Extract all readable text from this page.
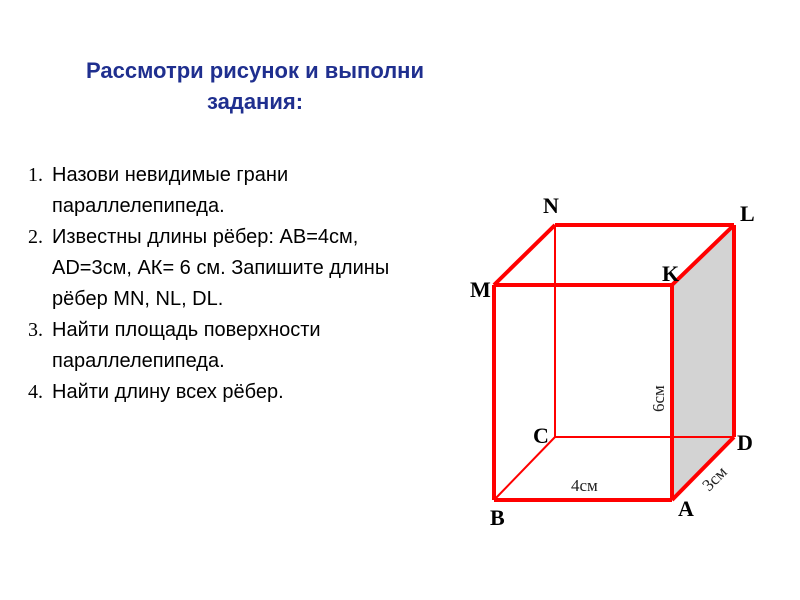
Рассмотри рисунок и выполни задания:
1. Назови невидимые грани параллелепипеда.
2. Известны длины рёбер: АВ=4см, АD=3см, АК= 6 см. Запишите длины рёбер MN, NL, DL.
3. Найти площадь поверхности параллелепипеда.
4. Найти длину всех рёбер.
N	L
M
K
C	D
A
B
4см	3см
6см
